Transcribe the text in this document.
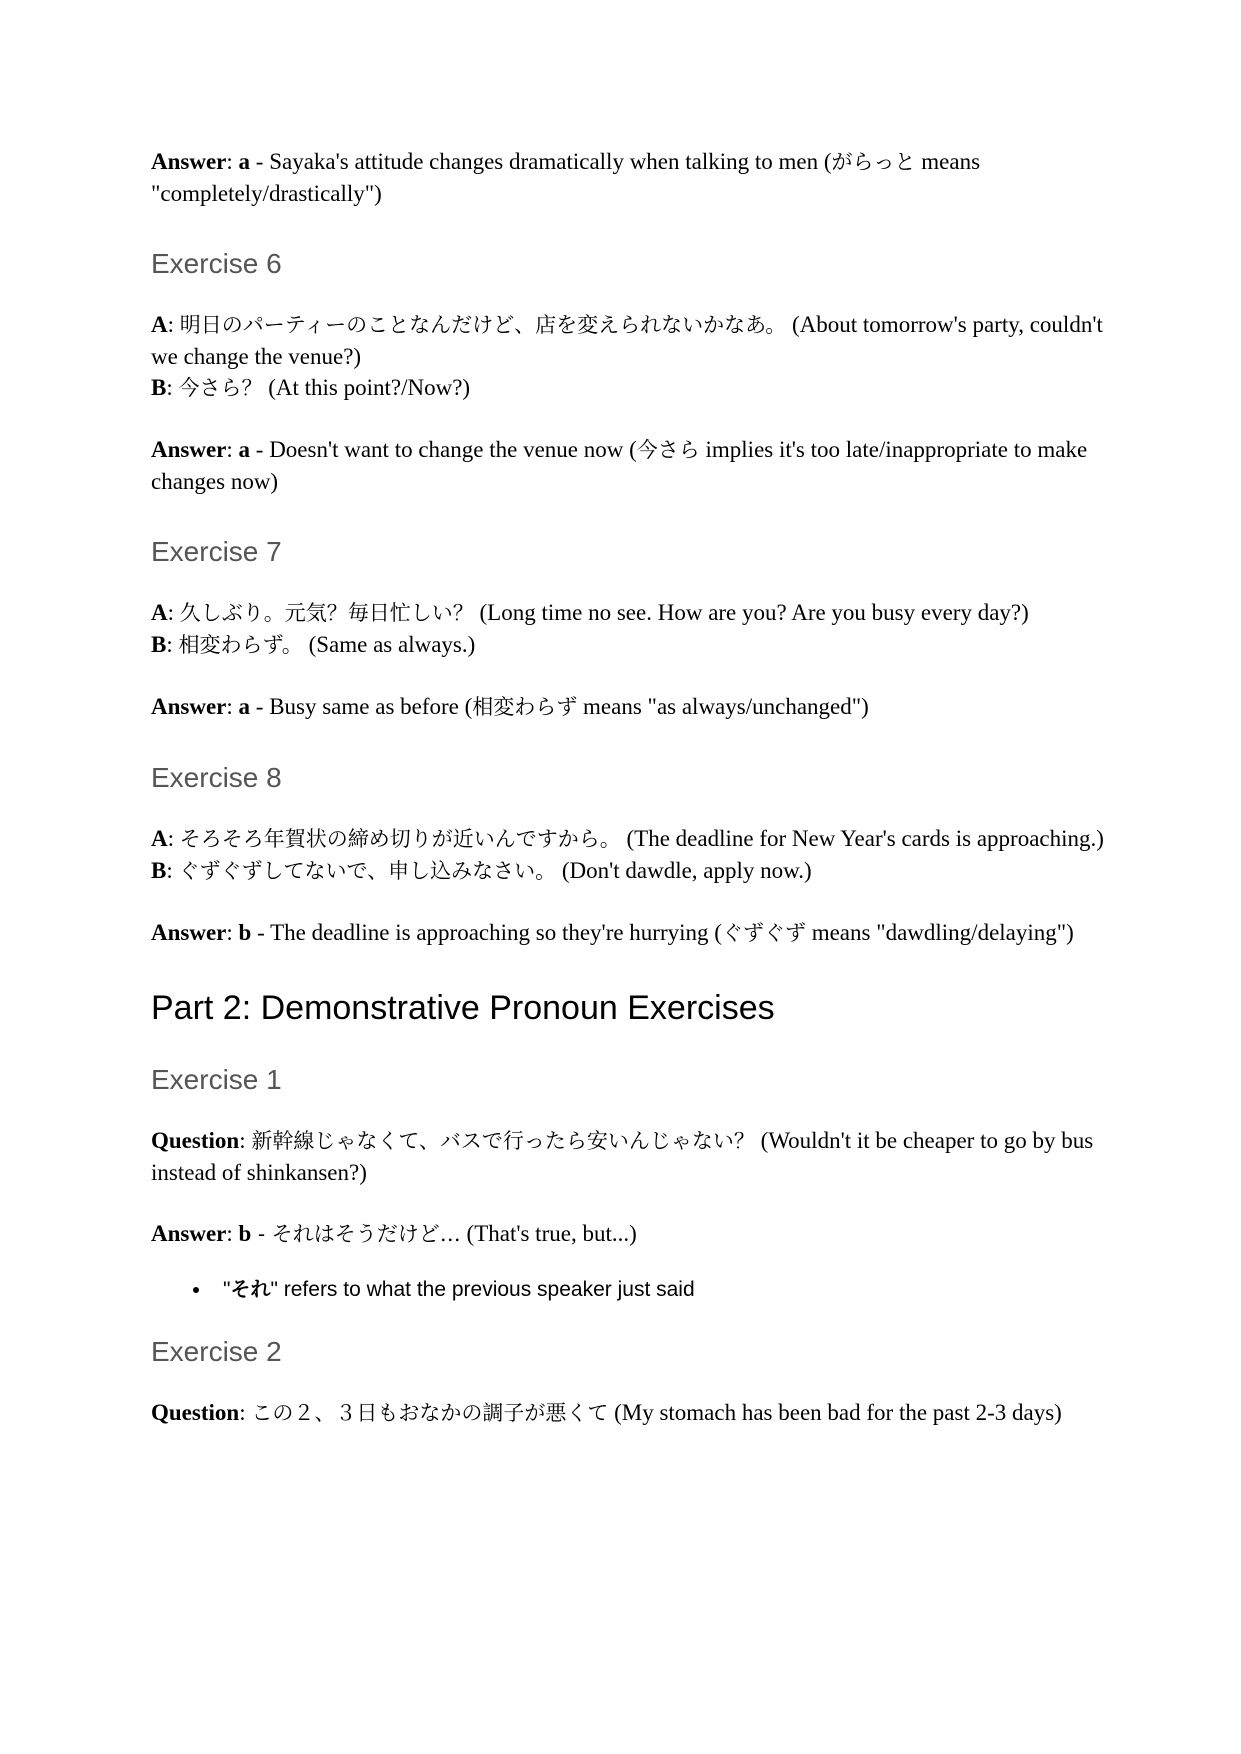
Answer: a - Sayaka's attitude changes dramatically when talking to men (がらっと means "completely/drastically")

Exercise 6

A: 明日のパーティーのことなんだけど、店を変えられないかなあ。 (About tomorrow's party, couldn't we change the venue?)
B: 今さら？ (At this point?/Now?)

Answer: a - Doesn't want to change the venue now (今さら implies it's too late/inappropriate to make changes now)

Exercise 7

A: 久しぶり。元気？毎日忙しい？ (Long time no see. How are you? Are you busy every day?)
B: 相変わらず。 (Same as always.)

Answer: a - Busy same as before (相変わらず means "as always/unchanged")

Exercise 8

A: そろそろ年賀状の締め切りが近いんですから。 (The deadline for New Year's cards is approaching.)
B: ぐずぐずしてないで、申し込みなさい。 (Don't dawdle, apply now.)

Answer: b - The deadline is approaching so they're hurrying (ぐずぐず means "dawdling/delaying")

Part 2: Demonstrative Pronoun Exercises
Exercise 1

Question: 新幹線じゃなくて、バスで行ったら安いんじゃない？ (Wouldn't it be cheaper to go by bus instead of shinkansen?)

Answer: b - それはそうだけど… (That's true, but...)

"それ" refers to what the previous speaker just said
Exercise 2

Question: この２、３日もおなかの調子が悪くて (My stomach has been bad for the past 2-3 days)
